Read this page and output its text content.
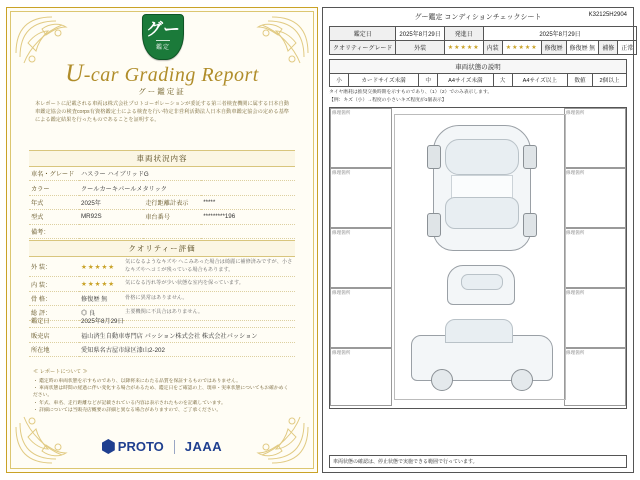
グー
鑑定
U-car Grading Report
グー鑑定証
本レポートに記載される車両は株式会社プロトコーポレーションが委託する第三者検査機関に属する日本自動車鑑定協会の検査corps有資格鑑定士による検査を行い特定非営利活動法人日本自動車鑑定協会の定める基準による鑑定結果を行ったものであることを証明する。
車両状況内容
車名・グレード	ハスラー ハイブリッドG		
カラー	クールカーキパールメタリック		
年式	2025年	走行距離計表示	*****
型式	MR92S	車台番号	*********196
備考：			
クオリティー評価
外 装：	★★★★★	気になるようなキズや へこみあった場合は綺麗に補修済みですが、小さなキズやヘコミが残っている場合もあります。
内 装：	★★★★★	気になる汚れ等が少い状態な室内を保っています。
骨 格：	修復歴 無	骨格に異常はありません。
総 評：	◎ 良	主要機関に不具合はありません。
鑑定日	2025年8月29日
販売店	福山済生自動車専門店 パッション株式会社 株式会社パッション
所在地	愛知県名古屋市緑区漆山2-202
≪ レポートについて ≫
・ 鑑定時の車両状態を示すものであり、以降将来にわたる品質を保証するものではありません。
・ 車両状態は時間の経過に伴い変化する場合があるため、鑑定日をご確認の上、現車・実車状態についてもお確かめください。
・ 年式、車名、走行距離などが記載されている内容は表示されたものを記載しています。
・ 詳細については当販売店概要の詳細と異なる場合がありますので、ご了承ください。
PROTO JAAA
グー鑑定 コンディションチェックシート	K32125H2904
鑑定日	2025年8月29日	発進日	2025年8月29日					
クオリティーグレード	外装	★★★★★	内装	★★★★★	修復歴	修復歴 無	補修	正常
車両状態の説明
小	カードサイズ未満	中	A4サイズ未満	大	A4サイズ以上	数値	2個以上
タイヤ磨耗は推奨交換時期を示すものであり、（1）（2）でのみ表示します。
【例：キズ（小）→程度の小さいキズ程度が1個表示】
修理箇所
修理箇所
修理箇所
修理箇所
修理箇所
修理箇所
修理箇所
修理箇所
修理箇所
修理箇所
車両状態の確認は、停止状態で実施できる範囲で行っています。
